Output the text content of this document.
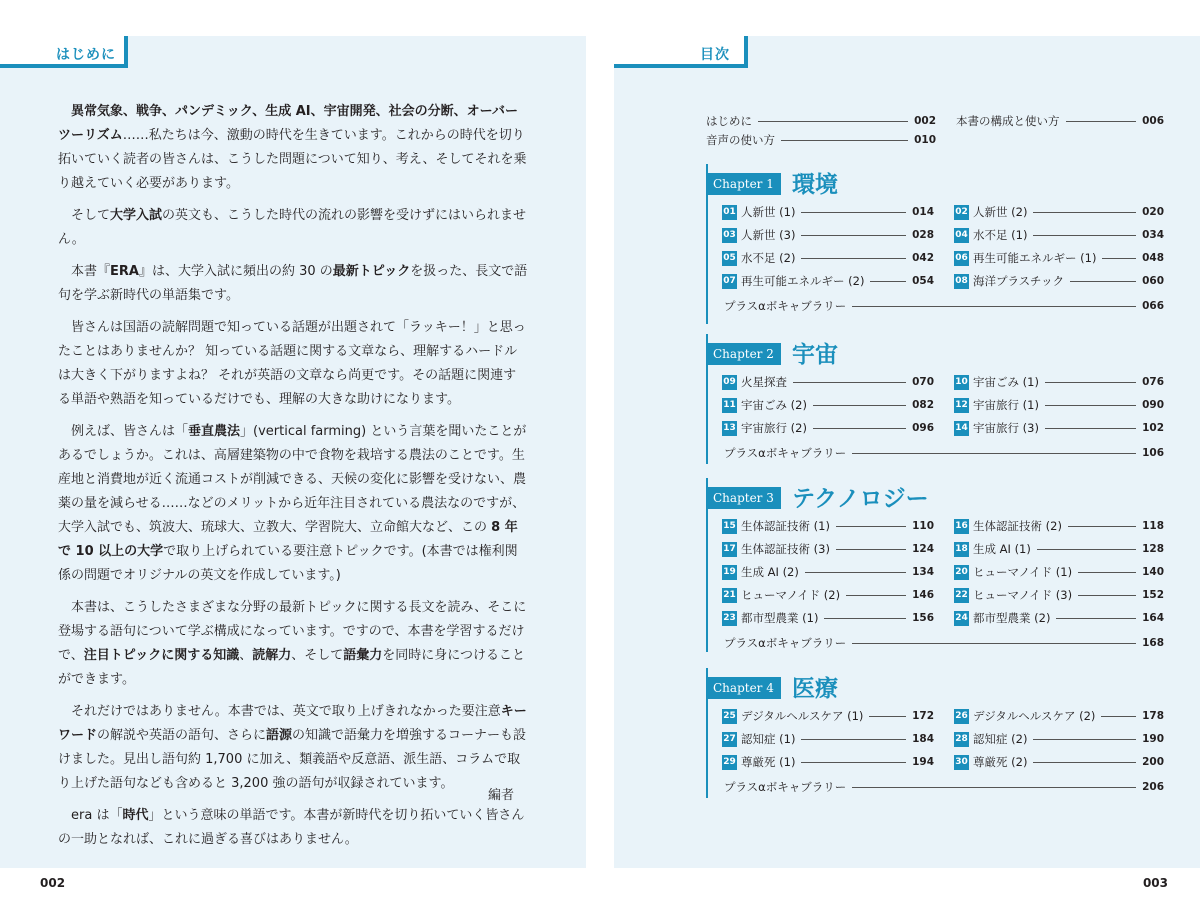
はじめに

異常気象、戦争、パンデミック、生成 AI、宇宙開発、社会の分断、オーバーツーリズム……私たちは今、激動の時代を生きています。これからの時代を切り拓いていく読者の皆さんは、こうした問題について知り、考え、そしてそれを乗り越えていく必要があります。

そして大学入試の英文も、こうした時代の流れの影響を受けずにはいられません。

本書『ERA』は、大学入試に頻出の約 30 の最新トピックを扱った、長文で語句を学ぶ新時代の単語集です。

皆さんは国語の読解問題で知っている話題が出題されて「ラッキー！」と思ったことはありませんか？ 知っている話題に関する文章なら、理解するハードルは大きく下がりますよね？ それが英語の文章なら尚更です。その話題に関連する単語や熟語を知っているだけでも、理解の大きな助けになります。

例えば、皆さんは「垂直農法」(vertical farming) という言葉を聞いたことがあるでしょうか。これは、高層建築物の中で食物を栽培する農法のことです。生産地と消費地が近く流通コストが削減できる、天候の変化に影響を受けない、農薬の量を減らせる……などのメリットから近年注目されている農法なのですが、大学入試でも、筑波大、琉球大、立教大、学習院大、立命館大など、この 8 年で 10 以上の大学で取り上げられている要注意トピックです。(本書では権利関係の問題でオリジナルの英文を作成しています。)

本書は、こうしたさまざまな分野の最新トピックに関する長文を読み、そこに登場する語句について学ぶ構成になっています。ですので、本書を学習するだけで、注目トピックに関する知識、読解力、そして語彙力を同時に身につけることができます。

それだけではありません。本書では、英文で取り上げきれなかった要注意キーワードの解説や英語の語句、さらに語源の知識で語彙力を増強するコーナーも設けました。見出し語句約 1,700 に加え、類義語や反意語、派生語、コラムで取り上げた語句なども含めると 3,200 強の語句が収録されています。

era は「時代」という意味の単語です。本書が新時代を切り拓いていく皆さんの一助となれば、これに過ぎる喜びはありません。

編者
002
目次
はじめに	002 本書の構成と使い方	006
音声の使い方	010
Chapter 1 環境
01 人新世 (1)	014 02 人新世 (2)	020
03 人新世 (3)	028 04 水不足 (1)	034
05 水不足 (2)	042 06 再生可能エネルギー (1)	048
07 再生可能エネルギー (2)	054 08 海洋プラスチック	060
プラスαボキャブラリー	066
Chapter 2 宇宙
09 火星探査	070 10 宇宙ごみ (1)	076
11 宇宙ごみ (2)	082 12 宇宙旅行 (1)	090
13 宇宙旅行 (2)	096 14 宇宙旅行 (3)	102
プラスαボキャブラリー	106
Chapter 3 テクノロジー
15 生体認証技術 (1)	110 16 生体認証技術 (2)	118
17 生体認証技術 (3)	124 18 生成 AI (1)	128
19 生成 AI (2)	134 20 ヒューマノイド (1)	140
21 ヒューマノイド (2)	146 22 ヒューマノイド (3)	152
23 都市型農業 (1)	156 24 都市型農業 (2)	164
プラスαボキャブラリー	168
Chapter 4 医療
25 デジタルヘルスケア (1)	172 26 デジタルヘルスケア (2)	178
27 認知症 (1)	184 28 認知症 (2)	190
29 尊厳死 (1)	194 30 尊厳死 (2)	200
プラスαボキャブラリー	206
003
